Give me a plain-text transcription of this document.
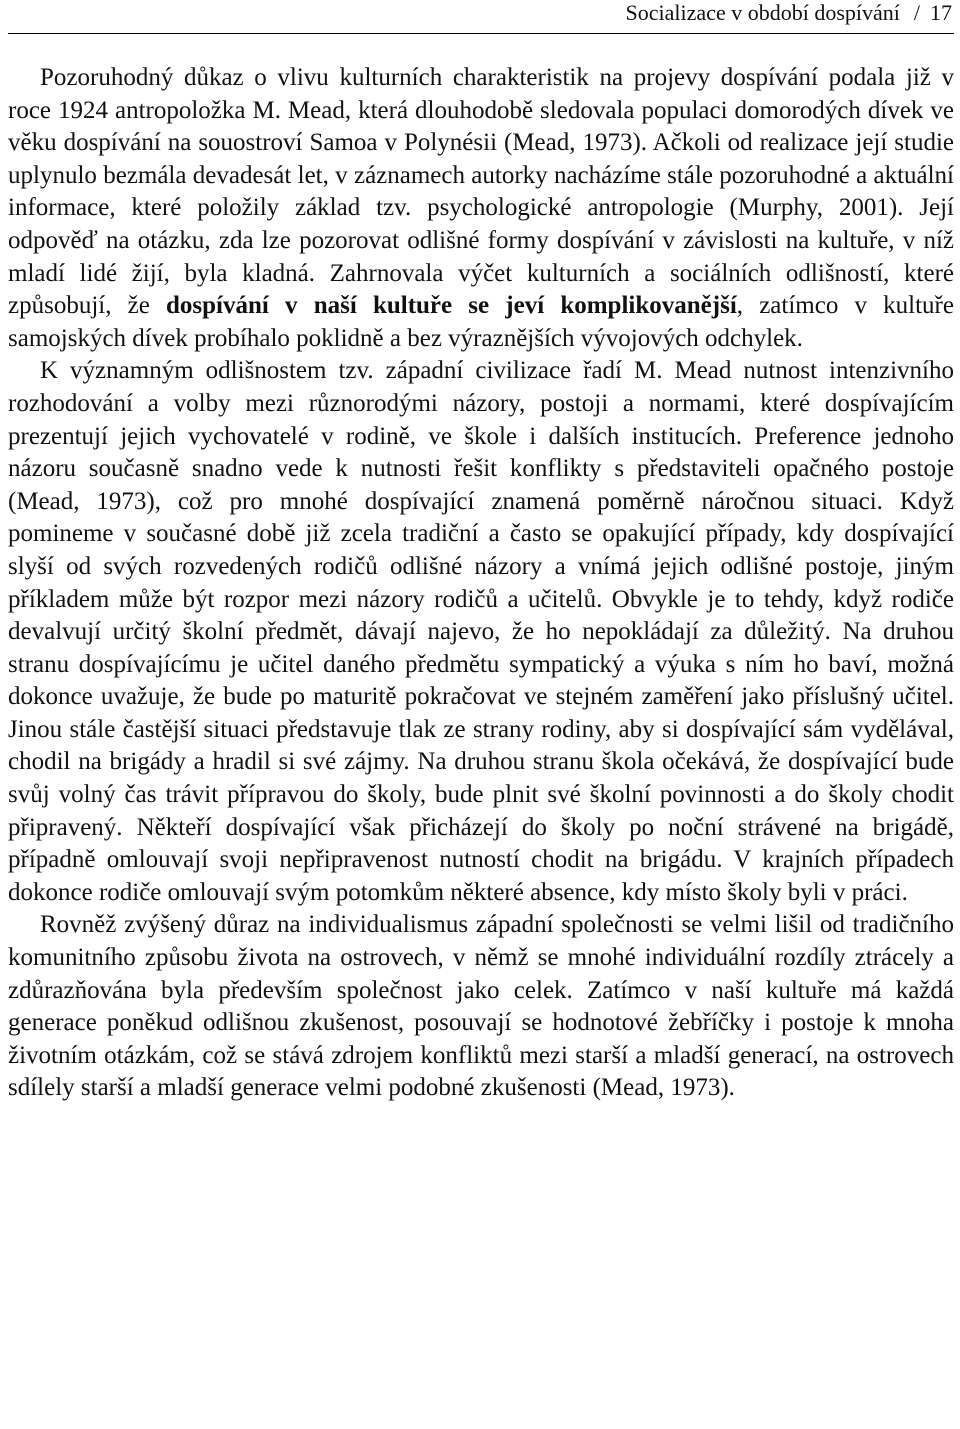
Socializace v období dospívání / 17

Pozoruhodný důkaz o vlivu kulturních charakteristik na projevy dospívání podala již v roce 1924 antropoložka M. Mead, která dlouhodobě sledovala populaci domorodých dívek ve věku dospívání na souostroví Samoa v Polynésii (Mead, 1973). Ačkoli od realizace její studie uplynulo bezmála devadesát let, v záznamech autorky nacházíme stále pozoruhodné a aktuální informace, které položily základ tzv. psychologické antropologie (Murphy, 2001). Její odpověď na otázku, zda lze pozorovat odlišné formy dospívání v závislosti na kultuře, v níž mladí lidé žijí, byla kladná. Zahrnovala výčet kulturních a sociálních odlišností, které způsobují, že dospívání v naší kultuře se jeví komplikovanější, zatímco v kultuře samojských dívek probíhalo poklidně a bez výraznějších vývojových odchylek.

K významným odlišnostem tzv. západní civilizace řadí M. Mead nutnost intenzivního rozhodování a volby mezi různorodými názory, postoji a normami, které dospívajícím prezentují jejich vychovatelé v rodině, ve škole i dalších institucích. Preference jednoho názoru současně snadno vede k nutnosti řešit konflikty s představiteli opačného postoje (Mead, 1973), což pro mnohé dospívající znamená poměrně náročnou situaci. Když pomineme v současné době již zcela tradiční a často se opakující případy, kdy dospívající slyší od svých rozvedených rodičů odlišné názory a vnímá jejich odlišné postoje, jiným příkladem může být rozpor mezi názory rodičů a učitelů. Obvykle je to tehdy, když rodiče devalvují určitý školní předmět, dávají najevo, že ho nepokládají za důležitý. Na druhou stranu dospívajícímu je učitel daného předmětu sympatický a výuka s ním ho baví, možná dokonce uvažuje, že bude po maturitě pokračovat ve stejném zaměření jako příslušný učitel. Jinou stále častější situaci představuje tlak ze strany rodiny, aby si dospívající sám vydělával, chodil na brigády a hradil si své zájmy. Na druhou stranu škola očekává, že dospívající bude svůj volný čas trávit přípravou do školy, bude plnit své školní povinnosti a do školy chodit připravený. Někteří dospívající však přicházejí do školy po noční strávené na brigádě, případně omlouvají svoji nepřipravenost nutností chodit na brigádu. V krajních případech dokonce rodiče omlouvají svým potomkům některé absence, kdy místo školy byli v práci.

Rovněž zvýšený důraz na individualismus západní společnosti se velmi lišil od tradičního komunitního způsobu života na ostrovech, v němž se mnohé individuální rozdíly ztrácely a zdůrazňována byla především společnost jako celek. Zatímco v naší kultuře má každá generace poněkud odlišnou zkušenost, posouvají se hodnotové žebříčky i postoje k mnoha životním otázkám, což se stává zdrojem konfliktů mezi starší a mladší generací, na ostrovech sdílely starší a mladší generace velmi podobné zkušenosti (Mead, 1973).
